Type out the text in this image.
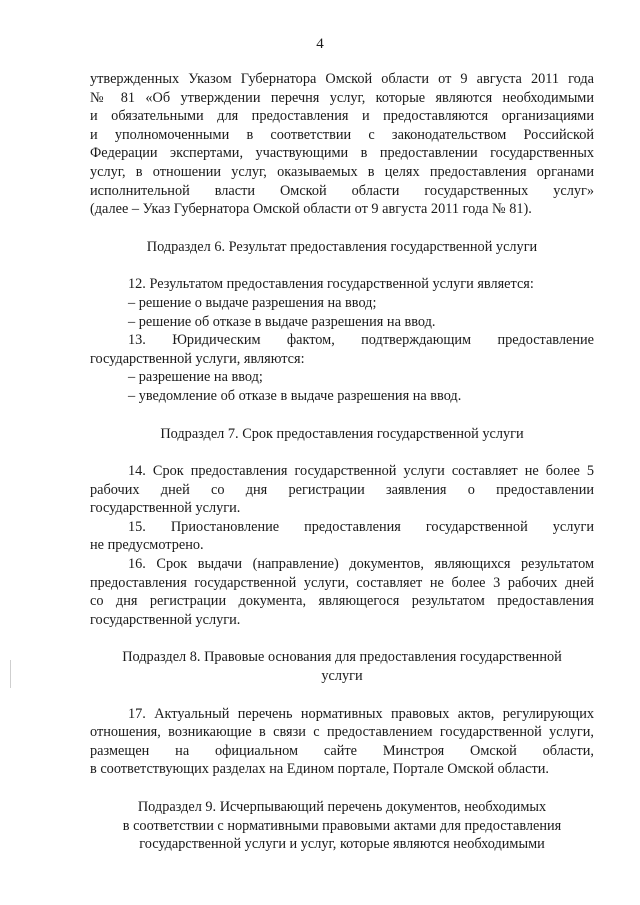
4
утвержденных Указом Губернатора Омской области от 9 августа 2011 года
№ 81 «Об утверждении перечня услуг, которые являются необходимыми
и обязательными для предоставления и предоставляются организациями
и уполномоченными в соответствии с законодательством Российской
Федерации экспертами, участвующими в предоставлении государственных
услуг, в отношении услуг, оказываемых в целях предоставления органами
исполнительной власти Омской области государственных услуг»
(далее – Указ Губернатора Омской области от 9 августа 2011 года № 81).
Подраздел 6. Результат предоставления государственной услуги
12. Результатом предоставления государственной услуги является:
– решение о выдаче разрешения на ввод;
– решение об отказе в выдаче разрешения на ввод.
13. Юридическим фактом, подтверждающим предоставление
государственной услуги, являются:
– разрешение на ввод;
– уведомление об отказе в выдаче разрешения на ввод.
Подраздел 7. Срок предоставления государственной услуги
14. Срок предоставления государственной услуги составляет не более 5
рабочих дней со дня регистрации заявления о предоставлении
государственной услуги.
15. Приостановление предоставления государственной услуги
не предусмотрено.
16. Срок выдачи (направление) документов, являющихся результатом
предоставления государственной услуги, составляет не более 3 рабочих дней
со дня регистрации документа, являющегося результатом предоставления
государственной услуги.
Подраздел 8. Правовые основания для предоставления государственной
услуги
17. Актуальный перечень нормативных правовых актов, регулирующих
отношения, возникающие в связи с предоставлением государственной услуги,
размещен на официальном сайте Минстроя Омской области,
в соответствующих разделах на Едином портале, Портале Омской области.
Подраздел 9. Исчерпывающий перечень документов, необходимых
в соответствии с нормативными правовыми актами для предоставления
государственной услуги и услуг, которые являются необходимыми
